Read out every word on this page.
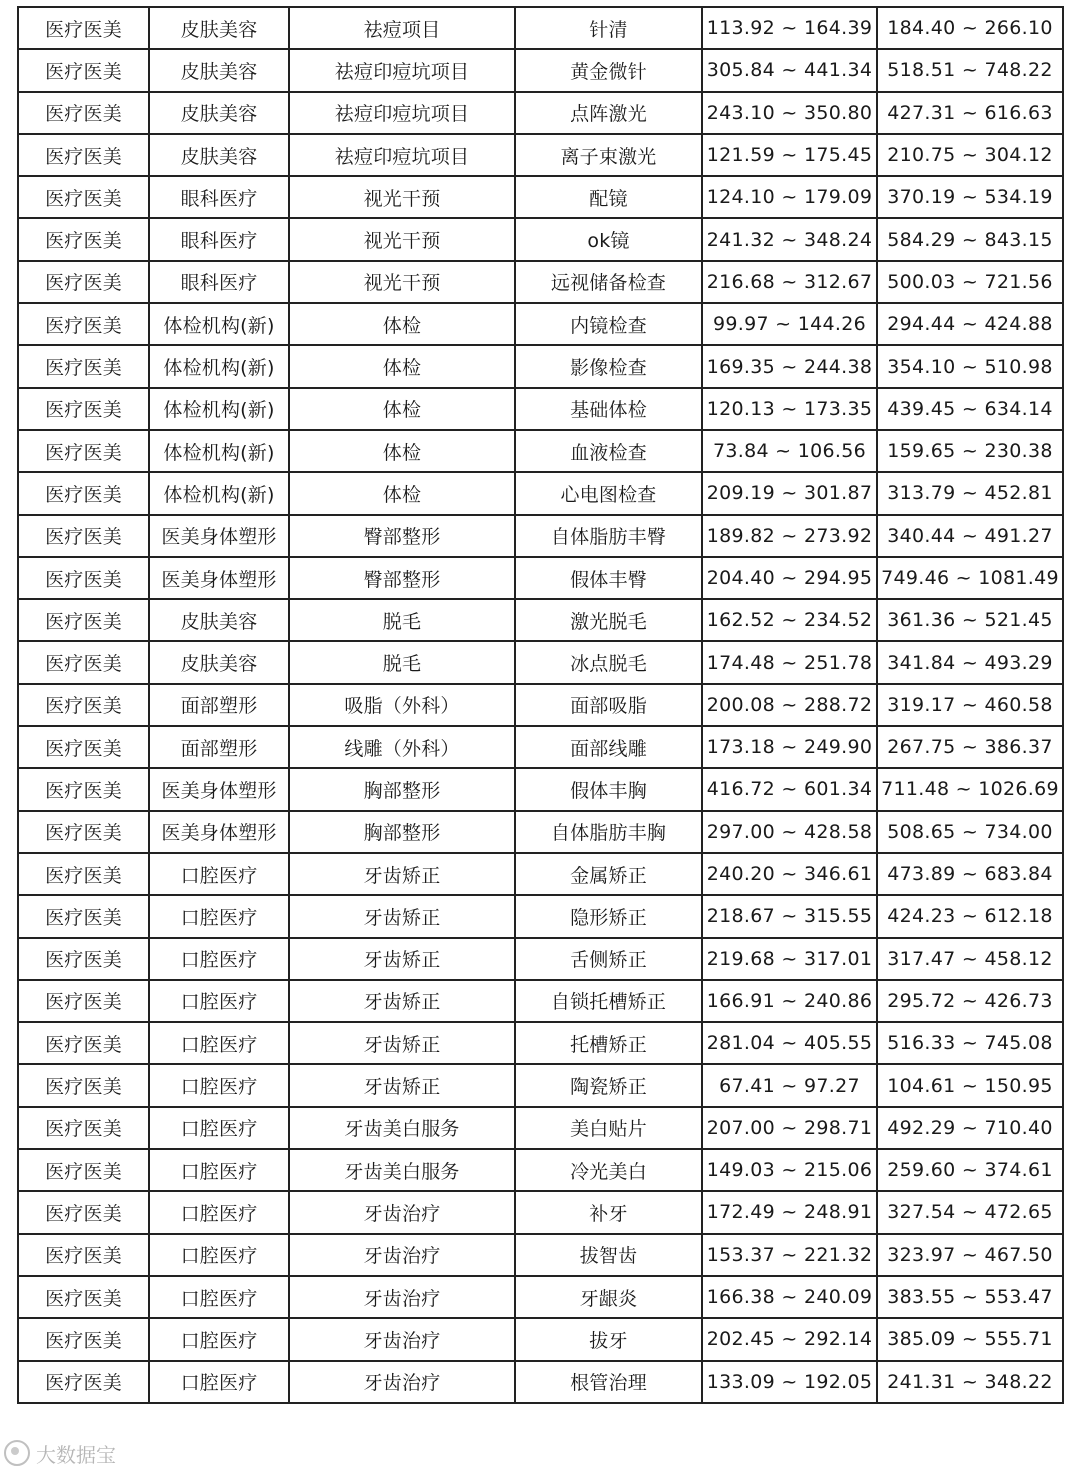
医疗医美	皮肤美容	祛痘项目	针清	113.92 ~ 164.39	184.40 ~ 266.10
医疗医美	皮肤美容	祛痘印痘坑项目	黄金微针	305.84 ~ 441.34	518.51 ~ 748.22
医疗医美	皮肤美容	祛痘印痘坑项目	点阵激光	243.10 ~ 350.80	427.31 ~ 616.63
医疗医美	皮肤美容	祛痘印痘坑项目	离子束激光	121.59 ~ 175.45	210.75 ~ 304.12
医疗医美	眼科医疗	视光干预	配镜	124.10 ~ 179.09	370.19 ~ 534.19
医疗医美	眼科医疗	视光干预	ok镜	241.32 ~ 348.24	584.29 ~ 843.15
医疗医美	眼科医疗	视光干预	远视储备检查	216.68 ~ 312.67	500.03 ~ 721.56
医疗医美	体检机构(新)	体检	内镜检查	99.97 ~ 144.26	294.44 ~ 424.88
医疗医美	体检机构(新)	体检	影像检查	169.35 ~ 244.38	354.10 ~ 510.98
医疗医美	体检机构(新)	体检	基础体检	120.13 ~ 173.35	439.45 ~ 634.14
医疗医美	体检机构(新)	体检	血液检查	73.84 ~ 106.56	159.65 ~ 230.38
医疗医美	体检机构(新)	体检	心电图检查	209.19 ~ 301.87	313.79 ~ 452.81
医疗医美	医美身体塑形	臀部整形	自体脂肪丰臀	189.82 ~ 273.92	340.44 ~ 491.27
医疗医美	医美身体塑形	臀部整形	假体丰臀	204.40 ~ 294.95	749.46 ~ 1081.49
医疗医美	皮肤美容	脱毛	激光脱毛	162.52 ~ 234.52	361.36 ~ 521.45
医疗医美	皮肤美容	脱毛	冰点脱毛	174.48 ~ 251.78	341.84 ~ 493.29
医疗医美	面部塑形	吸脂（外科）	面部吸脂	200.08 ~ 288.72	319.17 ~ 460.58
医疗医美	面部塑形	线雕（外科）	面部线雕	173.18 ~ 249.90	267.75 ~ 386.37
医疗医美	医美身体塑形	胸部整形	假体丰胸	416.72 ~ 601.34	711.48 ~ 1026.69
医疗医美	医美身体塑形	胸部整形	自体脂肪丰胸	297.00 ~ 428.58	508.65 ~ 734.00
医疗医美	口腔医疗	牙齿矫正	金属矫正	240.20 ~ 346.61	473.89 ~ 683.84
医疗医美	口腔医疗	牙齿矫正	隐形矫正	218.67 ~ 315.55	424.23 ~ 612.18
医疗医美	口腔医疗	牙齿矫正	舌侧矫正	219.68 ~ 317.01	317.47 ~ 458.12
医疗医美	口腔医疗	牙齿矫正	自锁托槽矫正	166.91 ~ 240.86	295.72 ~ 426.73
医疗医美	口腔医疗	牙齿矫正	托槽矫正	281.04 ~ 405.55	516.33 ~ 745.08
医疗医美	口腔医疗	牙齿矫正	陶瓷矫正	67.41 ~ 97.27	104.61 ~ 150.95
医疗医美	口腔医疗	牙齿美白服务	美白贴片	207.00 ~ 298.71	492.29 ~ 710.40
医疗医美	口腔医疗	牙齿美白服务	冷光美白	149.03 ~ 215.06	259.60 ~ 374.61
医疗医美	口腔医疗	牙齿治疗	补牙	172.49 ~ 248.91	327.54 ~ 472.65
医疗医美	口腔医疗	牙齿治疗	拔智齿	153.37 ~ 221.32	323.97 ~ 467.50
医疗医美	口腔医疗	牙齿治疗	牙龈炎	166.38 ~ 240.09	383.55 ~ 553.47
医疗医美	口腔医疗	牙齿治疗	拔牙	202.45 ~ 292.14	385.09 ~ 555.71
医疗医美	口腔医疗	牙齿治疗	根管治理	133.09 ~ 192.05	241.31 ~ 348.22
大数据宝
